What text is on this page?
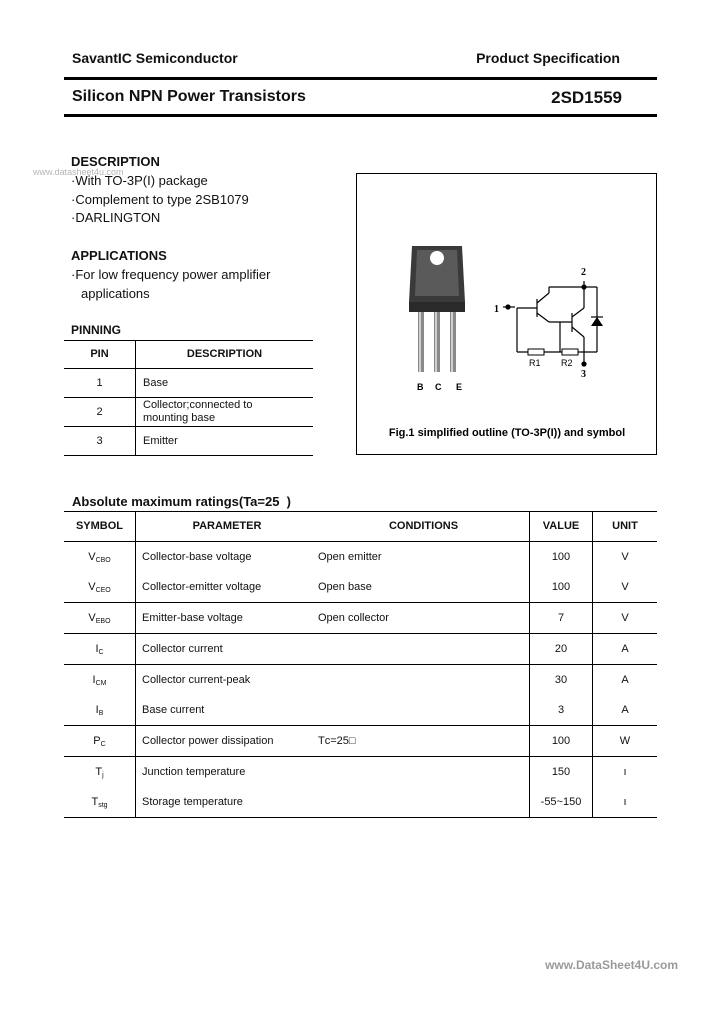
SavantIC Semiconductor	Product Specification
Silicon NPN Power Transistors	2SD1559
www.datasheet4u.com
DESCRIPTION
·With TO-3P(I) package
·Complement to type 2SB1079
·DARLINGTON
APPLICATIONS
·For low frequency power amplifier
applications
PINNING
PIN	DESCRIPTION
1	Base
2	Collector;connected to mounting base
3	Emitter
B C E
1
2
3
R1 R2
Fig.1 simplified outline (TO-3P(I)) and symbol
Absolute maximum ratings(Ta=25  )
SYMBOL	PARAMETER	CONDITIONS	VALUE	UNIT
$V_{CBO}$	Collector-base voltage	Open emitter	100	V
$V_{CEO}$	Collector-emitter voltage	Open base	100	V
$V_{EBO}$	Emitter-base voltage	Open collector	7	V
$I_C$	Collector current		20	A
$I_{CM}$	Collector current-peak		30	A
$I_B$	Base current		3	A
$P_C$	Collector power dissipation	Tᴄ=25□	100	W
$T_j$	Junction temperature		150	ı
$T_{stg}$	Storage temperature		-55~150	ı
www.DataSheet4U.com
